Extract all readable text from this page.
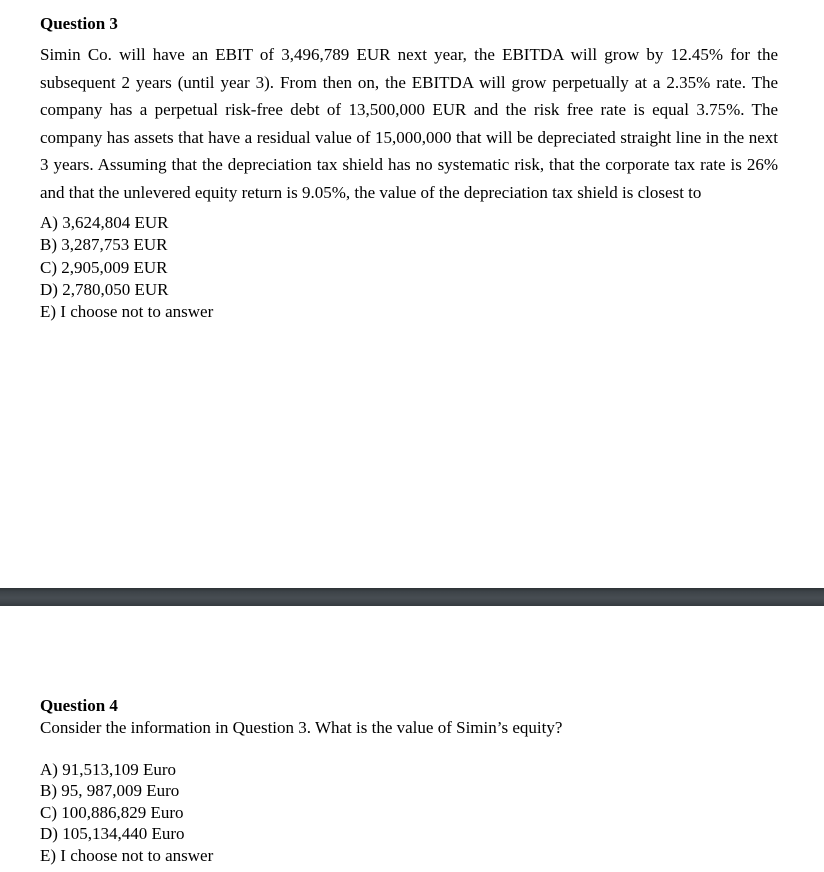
Question 3
Simin Co. will have an EBIT of 3,496,789 EUR next year, the EBITDA will grow by 12.45% for the subsequent 2 years (until year 3). From then on, the EBITDA will grow perpetually at a 2.35% rate. The company has a perpetual risk-free debt of 13,500,000 EUR and the risk free rate is equal 3.75%. The company has assets that have a residual value of 15,000,000 that will be depreciated straight line in the next 3 years. Assuming that the depreciation tax shield has no systematic risk, that the corporate tax rate is 26% and that the unlevered equity return is 9.05%, the value of the depreciation tax shield is closest to
A) 3,624,804 EUR
B) 3,287,753 EUR
C) 2,905,009 EUR
D) 2,780,050 EUR
E) I choose not to answer
Question 4
Consider the information in Question 3. What is the value of Simin’s equity?
A) 91,513,109 Euro
B) 95, 987,009 Euro
C) 100,886,829 Euro
D) 105,134,440 Euro
E) I choose not to answer
